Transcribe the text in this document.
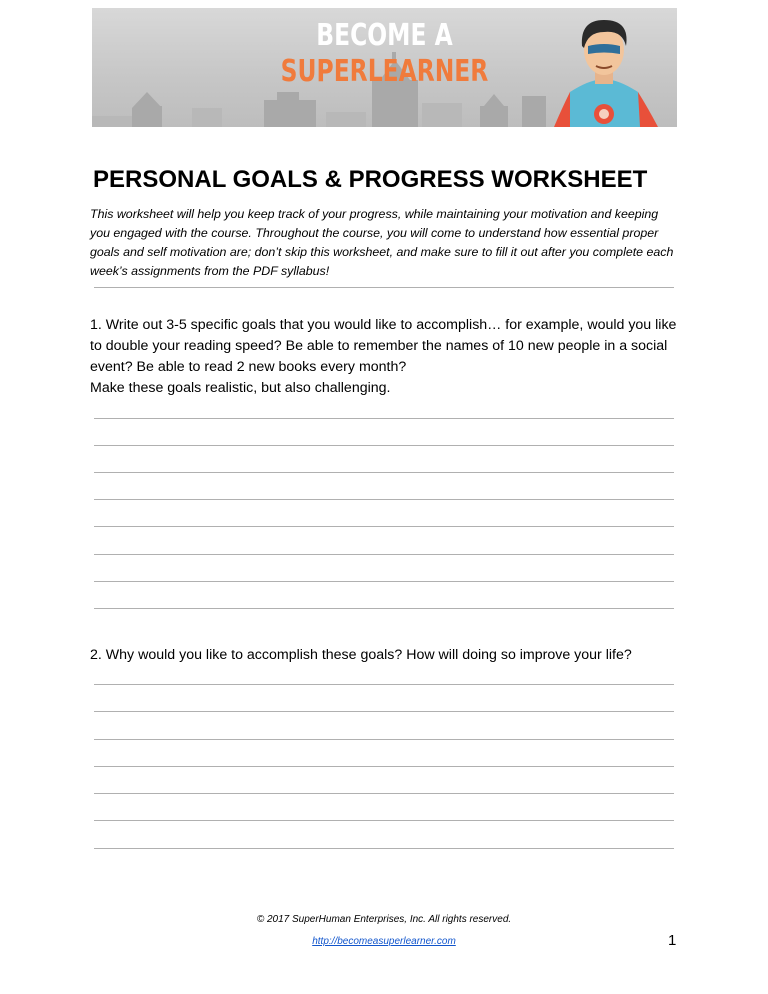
BECOME A
SUPERLEARNER
PERSONAL GOALS & PROGRESS WORKSHEET
This worksheet will help you keep track of your progress, while maintaining your motivation and keeping you engaged with the course. Throughout the course, you will come to understand how essential proper goals and self motivation are; don’t skip this worksheet, and make sure to fill it out after you complete each week’s assignments from the PDF syllabus!
1. Write out 3-5 specific goals that you would like to accomplish… for example, would you like to double your reading speed? Be able to remember the names of 10 new people in a social event? Be able to read 2 new books every month?
Make these goals realistic, but also challenging.
2. Why would you like to accomplish these goals? How will doing so improve your life?
© 2017 SuperHuman Enterprises, Inc. All rights reserved.
http://becomeasuperlearner.com	1
